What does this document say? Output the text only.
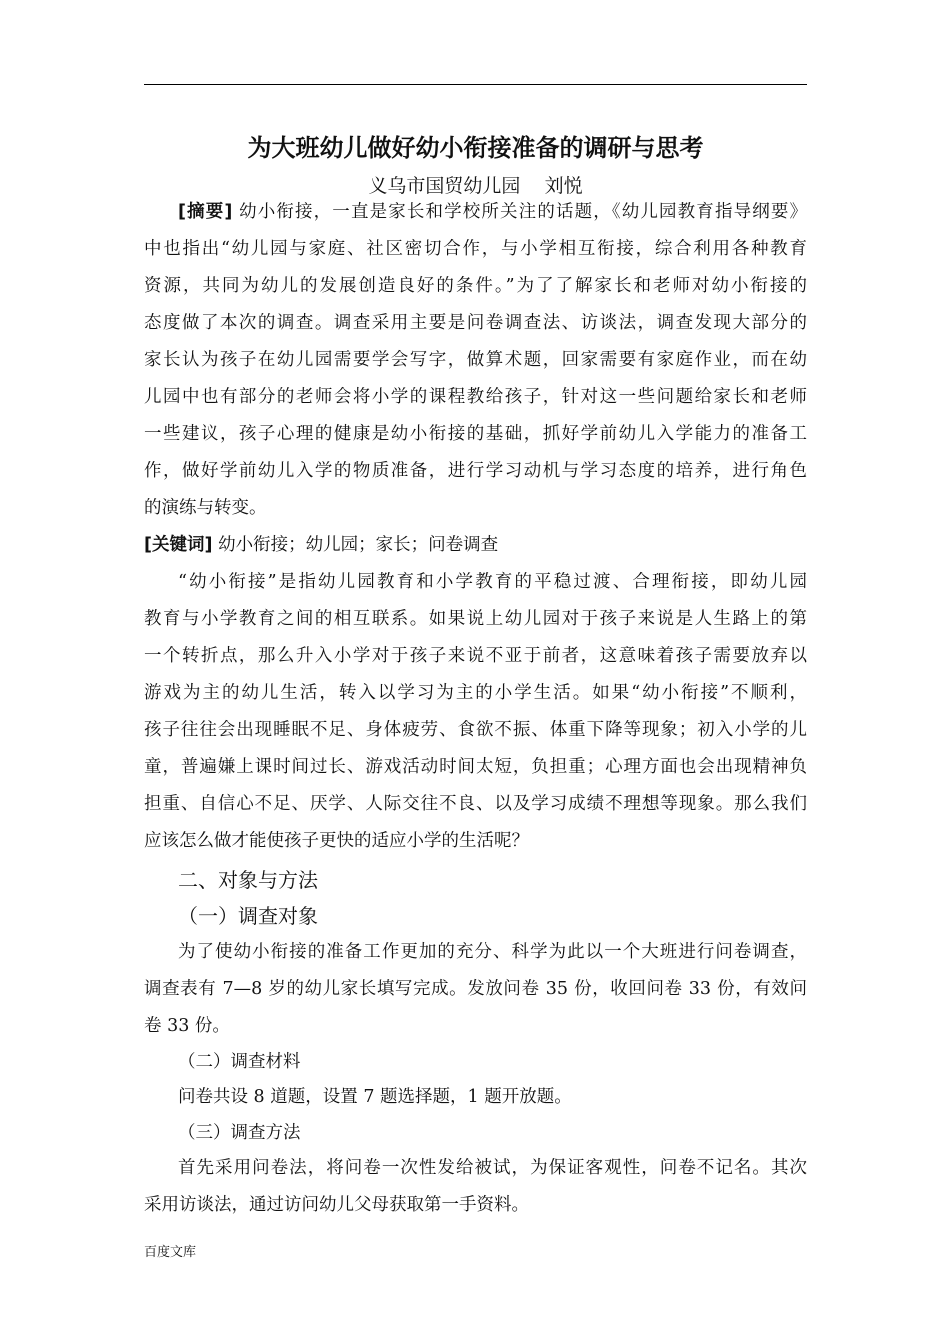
为大班幼儿做好幼小衔接准备的调研与思考
义乌市国贸幼儿园    刘悦
[摘要] 幼小衔接，一直是家长和学校所关注的话题，《幼儿园教育指导纲要》
中也指出“幼儿园与家庭、社区密切合作，与小学相互衔接，综合利用各种教育
资源，共同为幼儿的发展创造良好的条件。”为了了解家长和老师对幼小衔接的
态度做了本次的调查。调查采用主要是问卷调查法、访谈法，调查发现大部分的
家长认为孩子在幼儿园需要学会写字，做算术题，回家需要有家庭作业，而在幼
儿园中也有部分的老师会将小学的课程教给孩子，针对这一些问题给家长和老师
一些建议，孩子心理的健康是幼小衔接的基础，抓好学前幼儿入学能力的准备工
作，做好学前幼儿入学的物质准备，进行学习动机与学习态度的培养，进行角色
的演练与转变。
[关键词] 幼小衔接；幼儿园；家长；问卷调查
“幼小衔接”是指幼儿园教育和小学教育的平稳过渡、合理衔接，即幼儿园
教育与小学教育之间的相互联系。如果说上幼儿园对于孩子来说是人生路上的第
一个转折点，那么升入小学对于孩子来说不亚于前者，这意味着孩子需要放弃以
游戏为主的幼儿生活，转入以学习为主的小学生活。如果“幼小衔接”不顺利，
孩子往往会出现睡眠不足、身体疲劳、食欲不振、体重下降等现象；初入小学的儿
童，普遍嫌上课时间过长、游戏活动时间太短，负担重；心理方面也会出现精神负
担重、自信心不足、厌学、人际交往不良、以及学习成绩不理想等现象。那么我们
应该怎么做才能使孩子更快的适应小学的生活呢？
二、对象与方法
（一）调查对象
为了使幼小衔接的准备工作更加的充分、科学为此以一个大班进行问卷调查，
调查表有 7—8 岁的幼儿家长填写完成。发放问卷 35 份，收回问卷 33 份，有效问
卷 33 份。
（二）调查材料
问卷共设 8 道题，设置 7 题选择题，1 题开放题。
（三）调查方法
首先采用问卷法，将问卷一次性发给被试，为保证客观性，问卷不记名。其次
采用访谈法，通过访问幼儿父母获取第一手资料。
百度文库
